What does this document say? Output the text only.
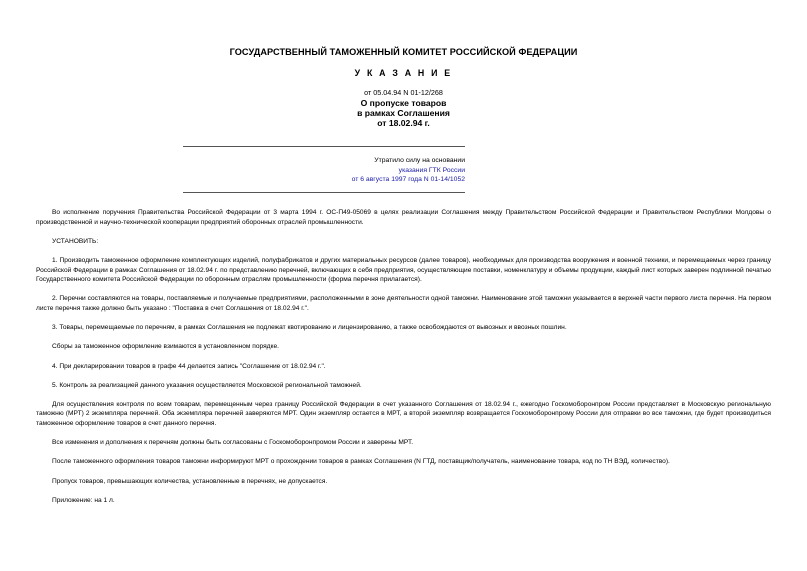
ГОСУДАРСТВЕННЫЙ ТАМОЖЕННЫЙ КОМИТЕТ РОССИЙСКОЙ ФЕДЕРАЦИИ
У К А З А Н И Е
от 05.04.94 N 01-12/268
О пропуске товаров
в рамках Соглашения
от 18.02.94 г.
Утратило силу на основании
указания ГТК России
от 6 августа 1997 года N 01-14/1052

Во исполнение поручения Правительства Российской Федерации от 3 марта 1994 г. ОС-П49-05069 в целях реализации Соглашения между Правительством Российской Федерации и Правительством Республики Молдовы о производственной и научно-технической кооперации предприятий оборонных отраслей промышленности.

УСТАНОВИТЬ:

1. Производить таможенное оформление комплектующих изделий, полуфабрикатов и других материальных ресурсов (далее товаров), необходимых для производства вооружения и военной техники, и перемещаемых через границу Российской Федерации в рамках Соглашения от 18.02.94 г. по представлению перечней, включающих в себя предприятия, осуществляющие поставки, номенклатуру и объемы продукции, каждый лист которых заверен подлинной печатью Государственного комитета Российской Федерации по оборонным отраслям промышленности (форма перечня прилагается).

2. Перечни составляются на товары, поставляемые и получаемые предприятиями, расположенными в зоне деятельности одной таможни. Наименование этой таможни указывается в верхней части первого листа перечня. На первом листе перечня также должно быть указано : "Поставка в счет Соглашения от 18.02.94 г.".

3. Товары, перемещаемые по перечням, в рамках Соглашения не подлежат квотированию и лицензированию, а также освобождаются от вывозных и ввозных пошлин.

Сборы за таможенное оформление взимаются в установленном порядке.

4. При декларировании товаров в графе 44 делается запись "Соглашение от 18.02.94 г.".

5. Контроль за реализацией данного указания осуществляется Московской региональной таможней.

Для осуществления контроля по всем товарам, перемещенным через границу Российской Федерации в счет указанного Соглашения от 18.02.94 г., ежегодно Госкомоборонпром России представляет в Московскую региональную таможню (МРТ) 2 экземпляра перечней. Оба экземпляра перечней заверяются МРТ. Один экземпляр остается в МРТ, а второй экземпляр возвращается Госкомоборонпрому России для отправки во все таможни, где будет производиться таможенное оформление товаров в счет данного перечня.

Все изменения и дополнения к перечням должны быть согласованы с Госкомоборонпромом России и заверены МРТ.

После таможенного оформления товаров таможни информируют МРТ о прохождении товаров в рамках Соглашения (N ГТД, поставщик/получатель, наименование товара, код по ТН ВЭД, количество).

Пропуск товаров, превышающих количества, установленные в перечнях, не допускается.

Приложение: на 1 л.
